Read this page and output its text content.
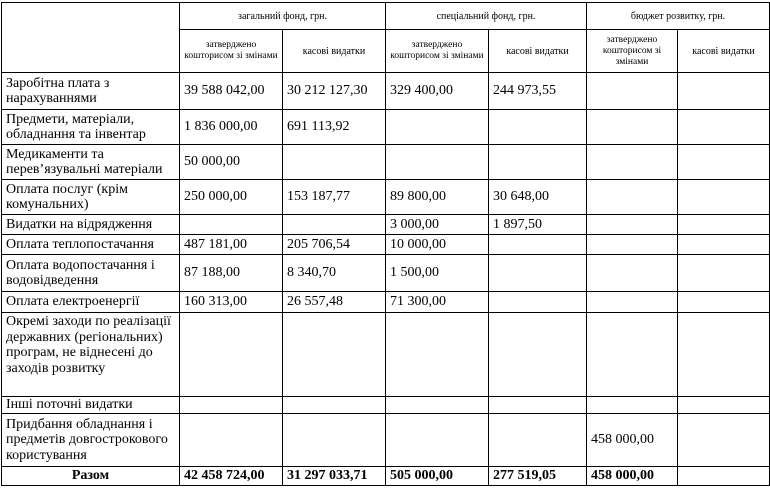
	загальний фонд, грн.		спеціальний фонд, грн.		бюджет розвитку, грн.	
	затверджено кошторисом зі змінами	касові видатки	затверджено кошторисом зі змінами	касові видатки	затверджено кошторисом зі змінами	касові видатки
Заробітна плата з нарахуваннями	39 588 042,00	30 212 127,30	329 400,00	244 973,55		
Предмети, матеріали, обладнання та інвентар	1 836 000,00	691 113,92				
Медикаменти та перев’язувальні матеріали	50 000,00					
Оплата послуг (крім комунальних)	250 000,00	153 187,77	89 800,00	30 648,00		
Видатки на відрядження			3 000,00	1 897,50		
Оплата теплопостачання	487 181,00	205 706,54	10 000,00			
Оплата водопостачання і водовідведення	87 188,00	8 340,70	1 500,00			
Оплата електроенергії	160 313,00	26 557,48	71 300,00			
Окремі заходи по реалізації державних (регіональних) програм, не віднесені до заходів розвитку						
Інші поточні видатки						
Придбання обладнання і предметів довгострокового користування					458 000,00	
Разом	42 458 724,00	31 297 033,71	505 000,00	277 519,05	458 000,00	
